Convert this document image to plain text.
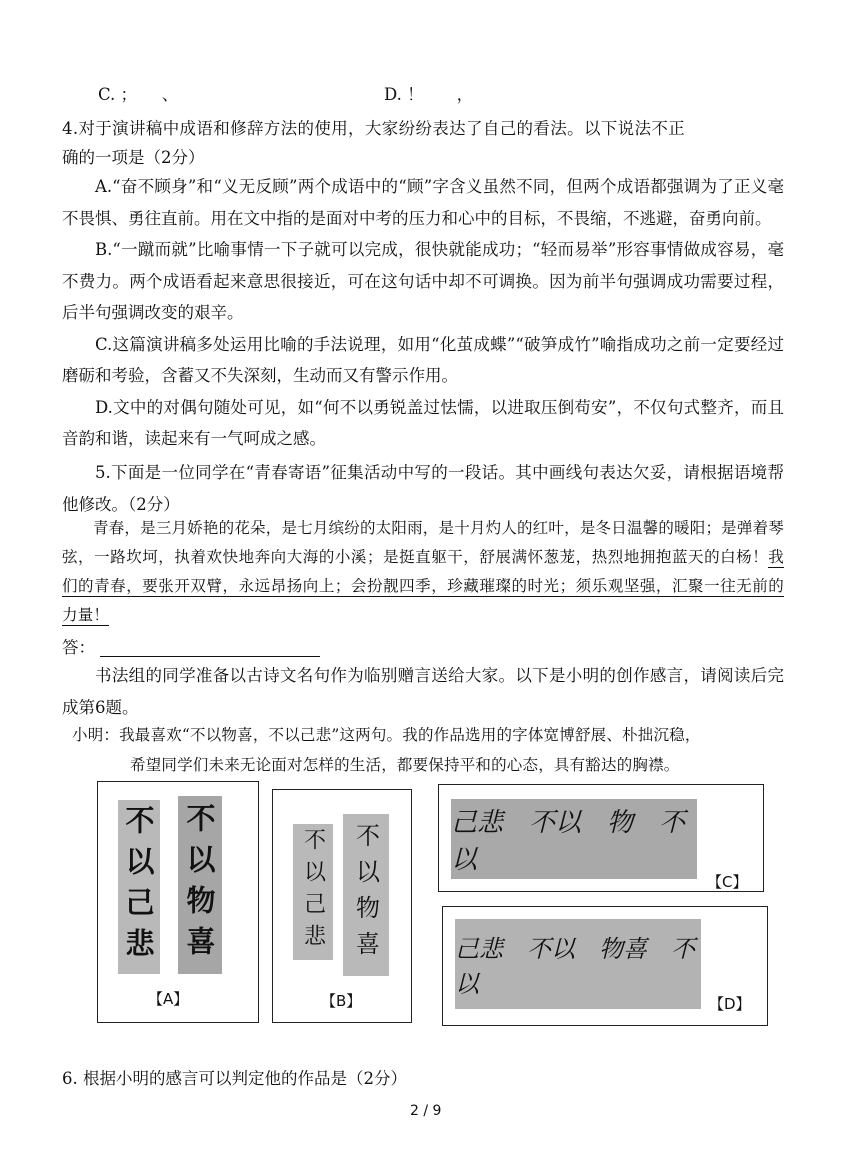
C. ；　　、	D. ！　　，
4.对于演讲稿中成语和修辞方法的使用，大家纷纷表达了自己的看法。以下说法不正
确的一项是（2分）

A.“奋不顾身”和“义无反顾”两个成语中的“顾”字含义虽然不同，但两个成语都强调为了正义毫不畏惧、勇往直前。用在文中指的是面对中考的压力和心中的目标，不畏缩，不逃避，奋勇向前。

B.“一蹴而就”比喻事情一下子就可以完成，很快就能成功；“轻而易举”形容事情做成容易，毫不费力。两个成语看起来意思很接近，可在这句话中却不可调换。因为前半句强调成功需要过程，后半句强调改变的艰辛。

C.这篇演讲稿多处运用比喻的手法说理，如用“化茧成蝶”“破笋成竹”喻指成功之前一定要经过磨砺和考验，含蓄又不失深刻，生动而又有警示作用。

D.文中的对偶句随处可见，如“何不以勇锐盖过怯懦，以进取压倒苟安”，不仅句式整齐，而且音韵和谐，读起来有一气呵成之感。

5.下面是一位同学在“青春寄语”征集活动中写的一段话。其中画线句表达欠妥，请根据语境帮他修改。（2分）

青春，是三月娇艳的花朵，是七月缤纷的太阳雨，是十月灼人的红叶，是冬日温馨的暖阳；是弹着琴弦，一路坎坷，执着欢快地奔向大海的小溪；是挺直躯干，舒展满怀葱茏，热烈地拥抱蓝天的白杨！我们的青春，要张开双臂，永远昂扬向上；会扮靓四季，珍藏璀璨的时光；须乐观坚强，汇聚一往无前的力量！

答：

书法组的同学准备以古诗文名句作为临别赠言送给大家。以下是小明的创作感言，请阅读后完成第6题。

小明：我最喜欢“不以物喜，不以己悲”这两句。我的作品选用的字体宽博舒展、朴拙沉稳，
希望同学们未来无论面对怎样的生活，都要保持平和的心态，具有豁达的胸襟。
不以己悲 不以物喜
【A】
不以己悲	不以物喜
【B】
己悲　不以　物　不以
【C】
己悲　不以　物喜　不以
【D】
6. 根据小明的感言可以判定他的作品是（2分）
2 / 9
